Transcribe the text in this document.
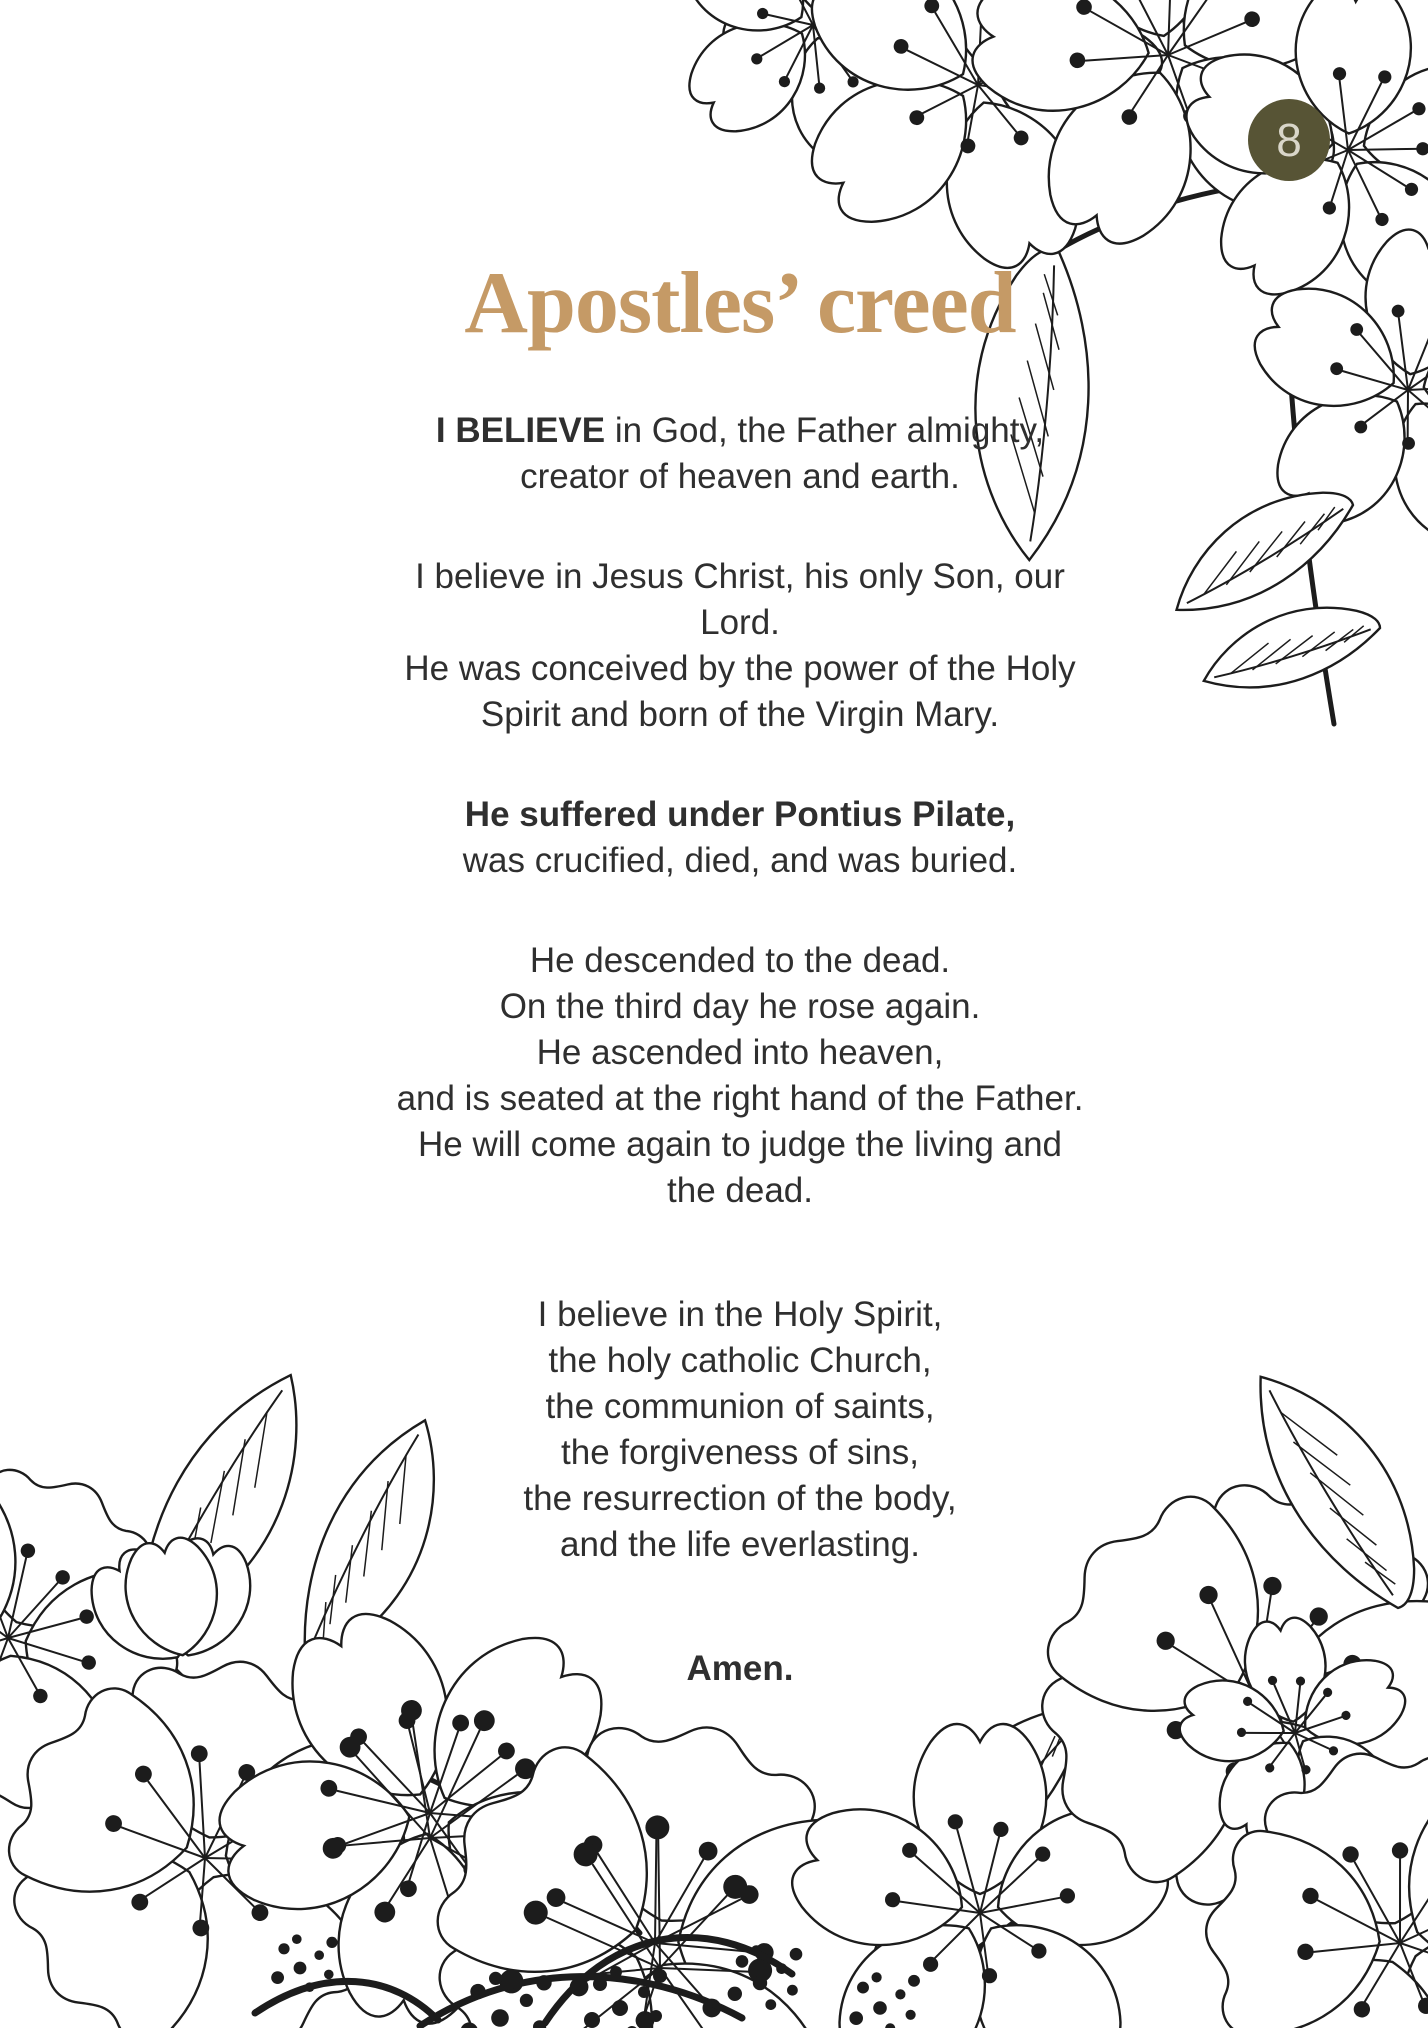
8
Apostles’ creed

I BELIEVE in God, the Father almighty,
creator of heaven and earth.

I believe in Jesus Christ, his only Son, our
Lord.
He was conceived by the power of the Holy
Spirit and born of the Virgin Mary.

He suffered under Pontius Pilate,
was crucified, died, and was buried.

He descended to the dead.
On the third day he rose again.
He ascended into heaven,
and is seated at the right hand of the Father.
He will come again to judge the living and
the dead.

I believe in the Holy Spirit,
the holy catholic Church,
the communion of saints,
the forgiveness of sins,
the resurrection of the body,
and the life everlasting.

Amen.
